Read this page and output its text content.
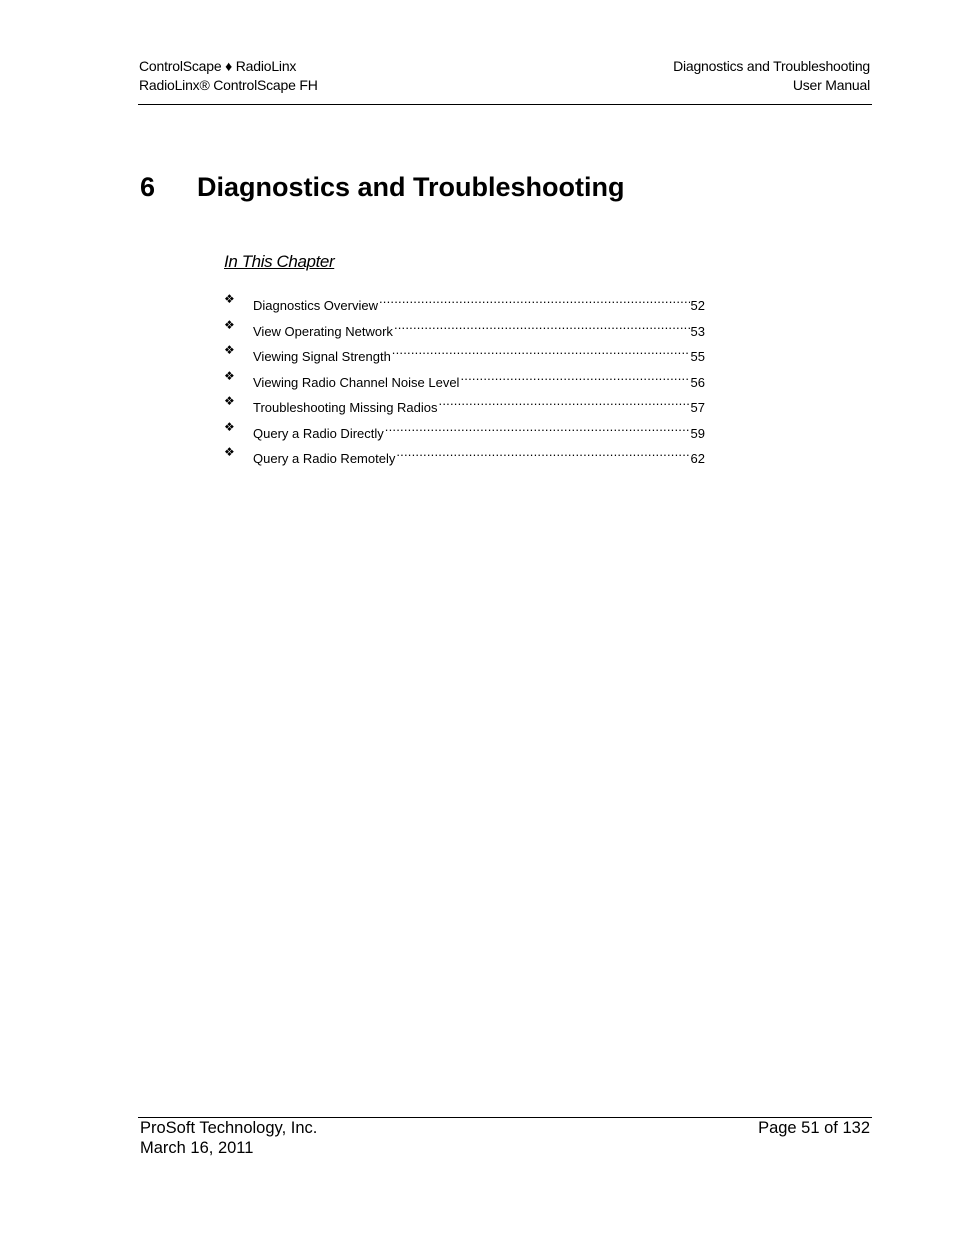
ControlScape ♦ RadioLinx
RadioLinx® ControlScape FH
Diagnostics and Troubleshooting
User Manual
6 Diagnostics and Troubleshooting
In This Chapter
❖ Diagnostics Overview .....	52
❖ View Operating Network .....	53
❖ Viewing Signal Strength .....	55
❖ Viewing Radio Channel Noise Level .....	56
❖ Troubleshooting Missing Radios .....	57
❖ Query a Radio Directly .....	59
❖ Query a Radio Remotely .....	62
ProSoft Technology, Inc.
March 16, 2011
Page 51 of 132
